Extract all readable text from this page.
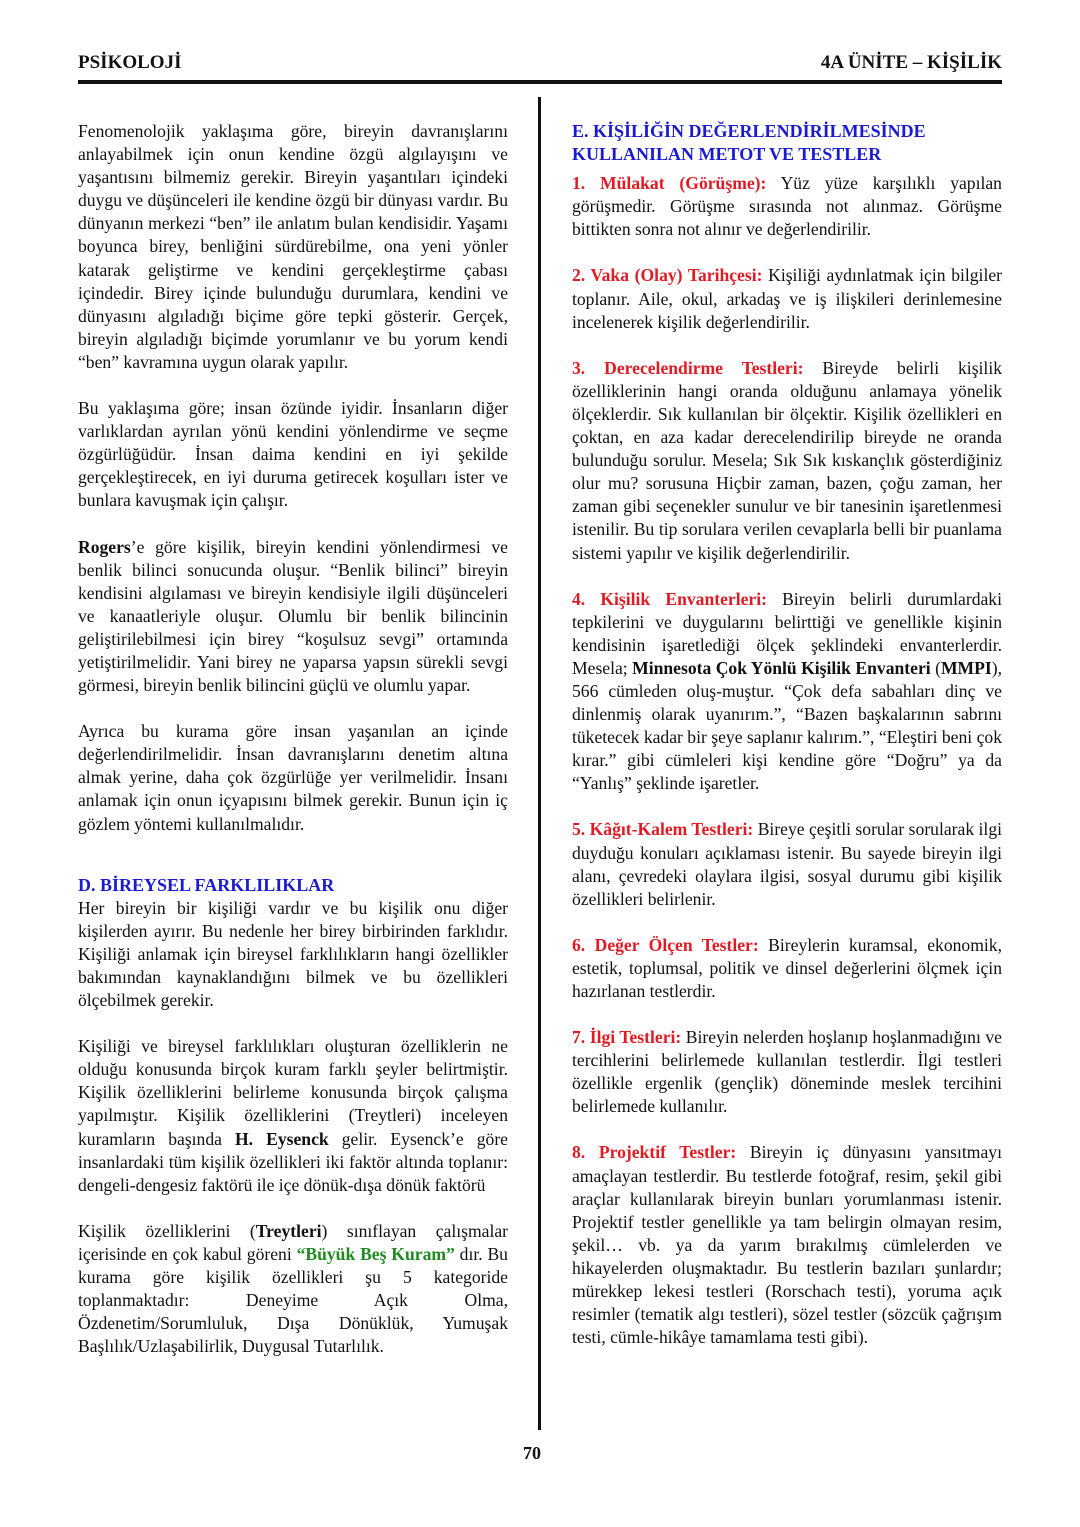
PSİKOLOJİ	4A ÜNİTE – KİŞİLİK

Fenomenolojik yaklaşıma göre, bireyin davranışlarını anlayabilmek için onun kendine özgü algılayışını ve yaşantısını bilmemiz gerekir. Bireyin yaşantıları içindeki duygu ve düşünceleri ile kendine özgü bir dünyası vardır. Bu dünyanın merkezi “ben” ile anlatım bulan kendisidir. Yaşamı boyunca birey, benliğini sürdürebilme, ona yeni yönler katarak geliştirme ve kendini gerçekleştirme çabası içindedir. Birey içinde bulunduğu durumlara, kendini ve dünyasını algıladığı biçime göre tepki gösterir. Gerçek, bireyin algıladığı biçimde yorumlanır ve bu yorum kendi “ben” kavramına uygun olarak yapılır.

Bu yaklaşıma göre; insan özünde iyidir. İnsanların diğer varlıklardan ayrılan yönü kendini yönlendirme ve seçme özgürlüğüdür. İnsan daima kendini en iyi şekilde gerçekleştirecek, en iyi duruma getirecek koşulları ister ve bunlara kavuşmak için çalışır.

Rogers’e göre kişilik, bireyin kendini yönlendirmesi ve benlik bilinci sonucunda oluşur. “Benlik bilinci” bireyin kendisini algılaması ve bireyin kendisiyle ilgili düşünceleri ve kanaatleriyle oluşur. Olumlu bir benlik bilincinin geliştirilebilmesi için birey “koşulsuz sevgi” ortamında yetiştirilmelidir. Yani birey ne yaparsa yapsın sürekli sevgi görmesi, bireyin benlik bilincini güçlü ve olumlu yapar.

Ayrıca bu kurama göre insan yaşanılan an içinde değerlendirilmelidir. İnsan davranışlarını denetim altına almak yerine, daha çok özgürlüğe yer verilmelidir. İnsanı anlamak için onun içyapısını bilmek gerekir. Bunun için iç gözlem yöntemi kullanılmalıdır.

D. BİREYSEL FARKLILIKLAR

Her bireyin bir kişiliği vardır ve bu kişilik onu diğer kişilerden ayırır. Bu nedenle her birey birbirinden farklıdır. Kişiliği anlamak için bireysel farklılıkların hangi özellikler bakımından kaynaklandığını bilmek ve bu özellikleri ölçebilmek gerekir.

Kişiliği ve bireysel farklılıkları oluşturan özelliklerin ne olduğu konusunda birçok kuram farklı şeyler belirtmiştir. Kişilik özelliklerini belirleme konusunda birçok çalışma yapılmıştır. Kişilik özelliklerini (Treytleri) inceleyen kuramların başında H. Eysenck gelir. Eysenck’e göre insanlardaki tüm kişilik özellikleri iki faktör altında toplanır: dengeli-dengesiz faktörü ile içe dönük-dışa dönük faktörü

Kişilik özelliklerini (Treytleri) sınıflayan çalışmalar içerisinde en çok kabul göreni “Büyük Beş Kuram” dır. Bu kurama göre kişilik özellikleri şu 5 kategoride toplanmaktadır: Deneyime Açık Olma, Özdenetim/Sorumluluk, Dışa Dönüklük, Yumuşak Başlılık/Uzlaşabilirlik, Duygusal Tutarlılık.

E. KİŞİLİĞİN DEĞERLENDİRİLMESİNDE KULLANILAN METOT VE TESTLER

1. Mülakat (Görüşme): Yüz yüze karşılıklı yapılan görüşmedir. Görüşme sırasında not alınmaz. Görüşme bittikten sonra not alınır ve değerlendirilir.

2. Vaka (Olay) Tarihçesi: Kişiliği aydınlatmak için bilgiler toplanır. Aile, okul, arkadaş ve iş ilişkileri derinlemesine incelenerek kişilik değerlendirilir.

3. Derecelendirme Testleri: Bireyde belirli kişilik özelliklerinin hangi oranda olduğunu anlamaya yönelik ölçeklerdir. Sık kullanılan bir ölçektir. Kişilik özellikleri en çoktan, en aza kadar derecelendirilip bireyde ne oranda bulunduğu sorulur. Mesela; Sık Sık kıskançlık gösterdiğiniz olur mu? sorusuna Hiçbir zaman, bazen, çoğu zaman, her zaman gibi seçenekler sunulur ve bir tanesinin işaretlenmesi istenilir. Bu tip sorulara verilen cevaplarla belli bir puanlama sistemi yapılır ve kişilik değerlendirilir.

4. Kişilik Envanterleri: Bireyin belirli durumlardaki tepkilerini ve duygularını belirttiği ve genellikle kişinin kendisinin işaretlediği ölçek şeklindeki envanterlerdir. Mesela; Minnesota Çok Yönlü Kişilik Envanteri (MMPI), 566 cümleden oluş-muştur. “Çok defa sabahları dinç ve dinlenmiş olarak uyanırım.”, “Bazen başkalarının sabrını tüketecek kadar bir şeye saplanır kalırım.”, “Eleştiri beni çok kırar.” gibi cümleleri kişi kendine göre “Doğru” ya da “Yanlış” şeklinde işaretler.

5. Kâğıt-Kalem Testleri: Bireye çeşitli sorular sorularak ilgi duyduğu konuları açıklaması istenir. Bu sayede bireyin ilgi alanı, çevredeki olaylara ilgisi, sosyal durumu gibi kişilik özellikleri belirlenir.

6. Değer Ölçen Testler: Bireylerin kuramsal, ekonomik, estetik, toplumsal, politik ve dinsel değerlerini ölçmek için hazırlanan testlerdir.

7. İlgi Testleri: Bireyin nelerden hoşlanıp hoşlanmadığını ve tercihlerini belirlemede kullanılan testlerdir. İlgi testleri özellikle ergenlik (gençlik) döneminde meslek tercihini belirlemede kullanılır.

8. Projektif Testler: Bireyin iç dünyasını yansıtmayı amaçlayan testlerdir. Bu testlerde fotoğraf, resim, şekil gibi araçlar kullanılarak bireyin bunları yorumlanması istenir. Projektif testler genellikle ya tam belirgin olmayan resim, şekil… vb. ya da yarım bırakılmış cümlelerden ve hikayelerden oluşmaktadır. Bu testlerin bazıları şunlardır; mürekkep lekesi testleri (Rorschach testi), yoruma açık resimler (tematik algı testleri), sözel testler (sözcük çağrışım testi, cümle-hikâye tamamlama testi gibi).

70
